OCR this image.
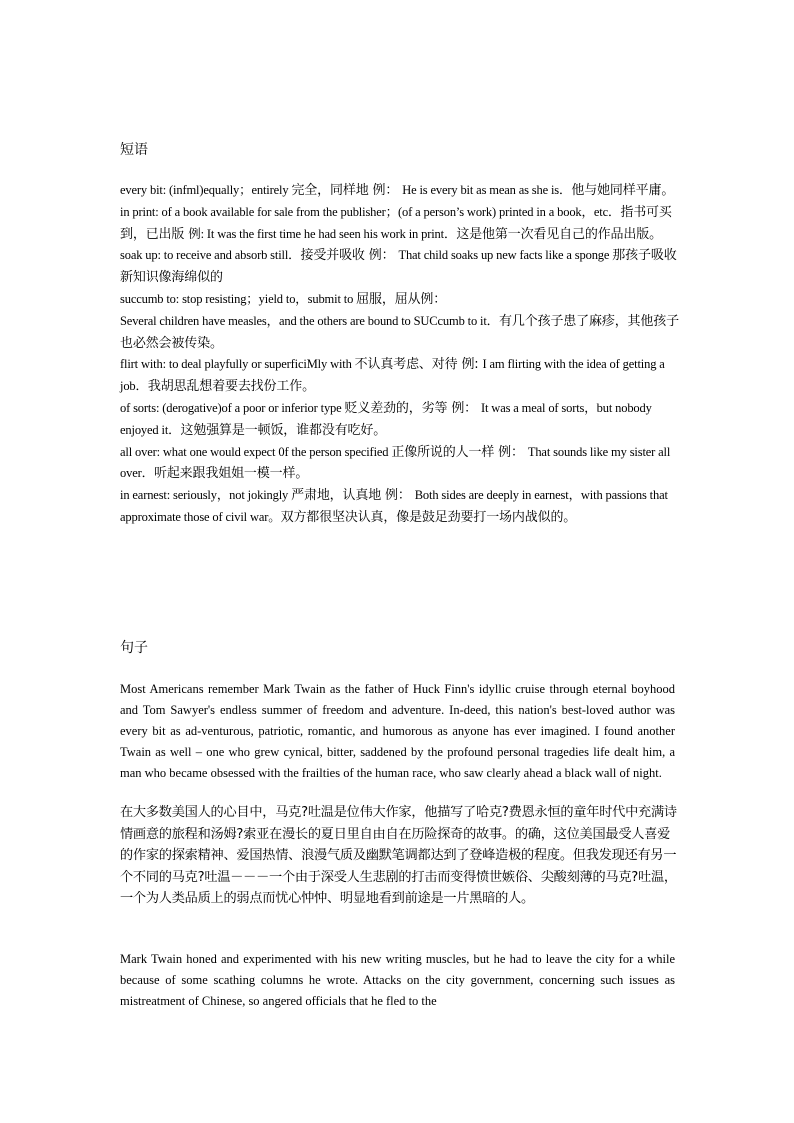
短语

every bit: (infml)equally；entirely 完全，同样地 例： He is every bit as mean as she is．他与她同样平庸。

in print: of a book available for sale from the publisher；(of a person’s work) printed in a book，etc．指书可买到，已出版 例: It was the first time he had seen his work in print．这是他第一次看见自己的作品出版。

soak up: to receive and absorb still．接受并吸收 例： That child soaks up new facts like a sponge 那孩子吸收新知识像海绵似的

succumb to: stop resisting；yield to，submit to 屈服，屈从例：
Several children have measles，and the others are bound to SUCcumb to it．有几个孩子患了麻疹，其他孩子也必然会被传染。

flirt with: to deal playfully or superficiMly with 不认真考虑、对待 例: I am flirting with the idea of getting a job．我胡思乱想着要去找份工作。

of sorts: (derogative)of a poor or inferior type 贬义差劲的，劣等 例： It was a meal of sorts，but nobody enjoyed it．这勉强算是一顿饭，谁都没有吃好。

all over: what one would expect 0f the person specified 正像所说的人一样 例： That sounds like my sister all over．听起来跟我姐姐一模一样。

in earnest: seriously，not jokingly 严肃地，认真地 例： Both sides are deeply in earnest，with passions that approximate those of civil war。双方都很坚决认真，像是鼓足劲要打一场内战似的。

句子

Most Americans remember Mark Twain as the father of Huck Finn's idyllic cruise through eternal boyhood and Tom Sawyer's endless summer of freedom and adventure. In-deed, this nation's best-loved author was every bit as ad-venturous, patriotic, romantic, and humorous as anyone has ever imagined. I found another Twain as well – one who grew cynical, bitter, saddened by the profound personal tragedies life dealt him, a man who became obsessed with the frailties of the human race, who saw clearly ahead a black wall of night.

在大多数美国人的心目中，马克?吐温是位伟大作家，他描写了哈克?费恩永恒的童年时代中充满诗情画意的旅程和汤姆?索亚在漫长的夏日里自由自在历险探奇的故事。的确，这位美国最受人喜爱的作家的探索精神、爱国热情、浪漫气质及幽默笔调都达到了登峰造极的程度。但我发现还有另一个不同的马克?吐温－－－一个由于深受人生悲剧的打击而变得愤世嫉俗、尖酸刻薄的马克?吐温，一个为人类品质上的弱点而忧心忡忡、明显地看到前途是一片黑暗的人。

Mark Twain honed and experimented with his new writing muscles, but he had to leave the city for a while because of some scathing columns he wrote. Attacks on the city government, concerning such issues as mistreatment of Chinese, so angered officials that he fled to the
